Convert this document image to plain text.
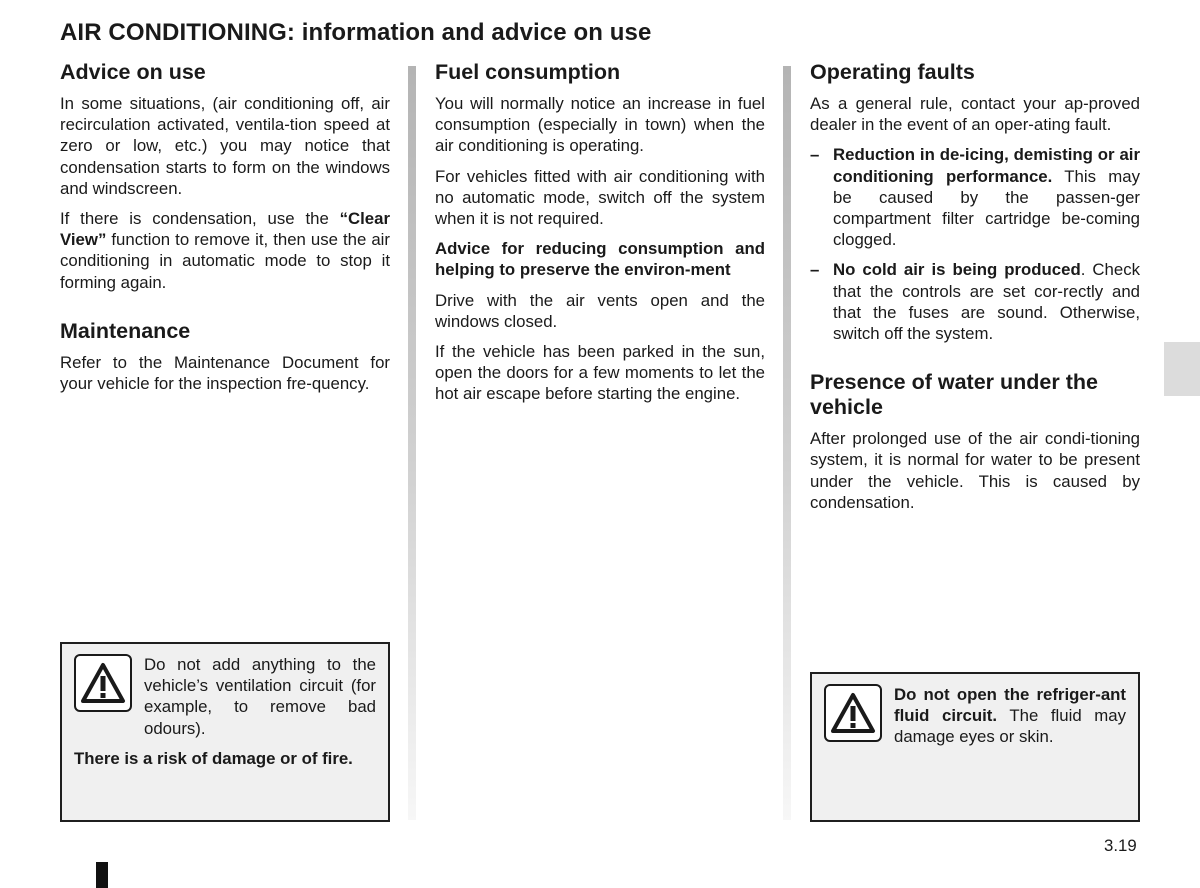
AIR CONDITIONING: information and advice on use
Advice on use

In some situations, (air conditioning off, air recirculation activated, ventila-tion speed at zero or low, etc.) you may notice that condensation starts to form on the windows and windscreen.

If there is condensation, use the “Clear View” function to remove it, then use the air conditioning in automatic mode to stop it forming again.

Maintenance

Refer to the Maintenance Document for your vehicle for the inspection fre-quency.

Fuel consumption

You will normally notice an increase in fuel consumption (especially in town) when the air conditioning is operating.

For vehicles fitted with air conditioning with no automatic mode, switch off the system when it is not required.

Advice for reducing consumption and helping to preserve the environ-ment

Drive with the air vents open and the windows closed.

If the vehicle has been parked in the sun, open the doors for a few moments to let the hot air escape before starting the engine.

Operating faults

As a general rule, contact your ap-proved dealer in the event of an oper-ating fault.

– Reduction in de-icing, demisting or air conditioning performance. This may be caused by the passen-ger compartment filter cartridge be-coming clogged.
– No cold air is being produced. Check that the controls are set cor-rectly and that the fuses are sound. Otherwise, switch off the system.
Presence of water under the vehicle

After prolonged use of the air condi-tioning system, it is normal for water to be present under the vehicle. This is caused by condensation.

Do not add anything to the vehicle’s ventilation circuit (for example, to remove bad odours).

There is a risk of damage or of fire.

Do not open the refriger-ant fluid circuit. The fluid may damage eyes or skin.

3.19
